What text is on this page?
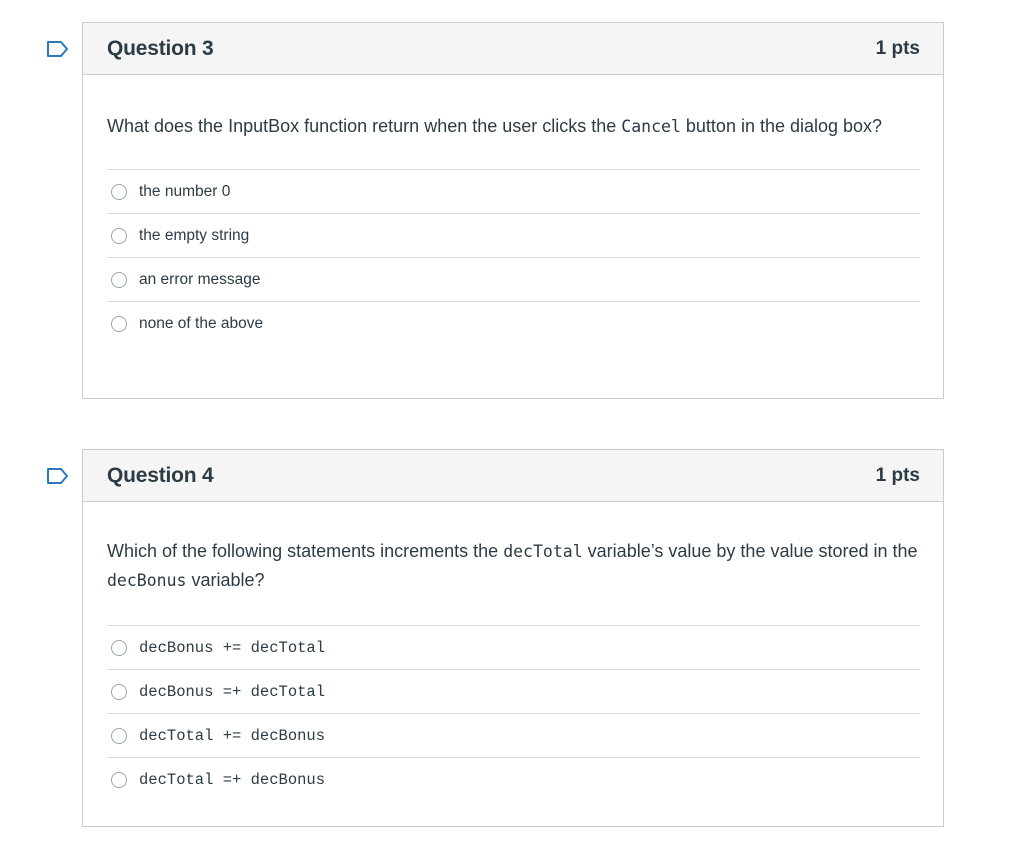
Question 3	1 pts

What does the InputBox function return when the user clicks the Cancel button in the dialog box?

the number 0
the empty string
an error message
none of the above
Question 4	1 pts

Which of the following statements increments the decTotal variable’s value by the value stored in the decBonus variable?

decBonus += decTotal
decBonus =+ decTotal
decTotal += decBonus
decTotal =+ decBonus
